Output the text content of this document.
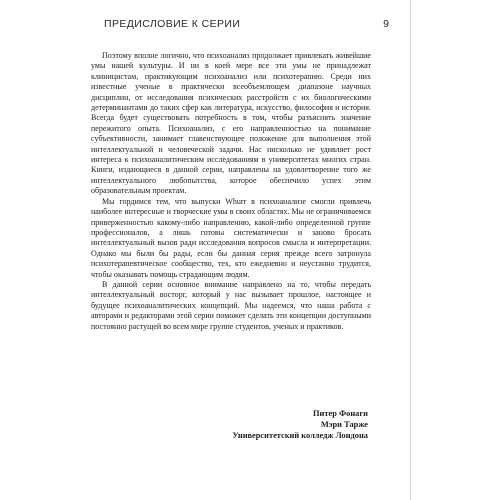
ПРЕДИСЛОВИЕ К СЕРИИ	9

Поэтому вполне логично, что психоанализ продолжает привлекать живейшие умы нашей культуры. И ни в коей мере все эти умы не принадлежат клиницистам, практикующим психоанализ или психотерапию. Среди них известные ученые в практически всеобъемлющем диапазоне научных дисциплин, от исследования психических расстройств с их биологическими детерминантами до таких сфер как литература, искусство, философия и история. Всегда будет существовать потребность в том, чтобы разъяснять значение пережитого опыта. Психоанализ, с его направленностью на понимание субъективности, занимает главенствующее положение для выполнения этой интеллектуальной и человеческой задачи. Нас нисколько не удивляет рост интереса к психоаналитическим исследованиям в университетах многих стран. Книги, издающиеся в данной серии, направлены на удовлетворение того же интеллектуального любопытства, которое обеспечило успех этим образовательным проектам.

Мы гордимся тем, что выпуски Whurr в психоанализе смогли привлечь наиболее интересные и творческие умы в своих областях. Мы не ограничиваемся приверженностью какому-либо направлению, какой-либо определенной группе профессионалов, а лишь готовы систематически и заново бросать интеллектуальный вызов ради исследования вопросов смысла и интерпретации. Однако мы были бы рады, если бы данная серия прежде всего затронула психотерапевтическое сообщество, тех, кто ежедневно и неустанно трудится, чтобы оказывать помощь страдающим людям.

В данной серии основное внимание направлено на то, чтобы передать интеллектуальный восторг, который у нас вызывает прошлое, настоящее и будущее психоаналитических концепций. Мы надеемся, что наша работа с авторами и редакторами этой серии поможет сделать эти концепции доступными постоянно растущей во всем мире группе студентов, ученых и практиков.

Питер Фонаги
Мэри Тарже
Университетский колледж Лондона
